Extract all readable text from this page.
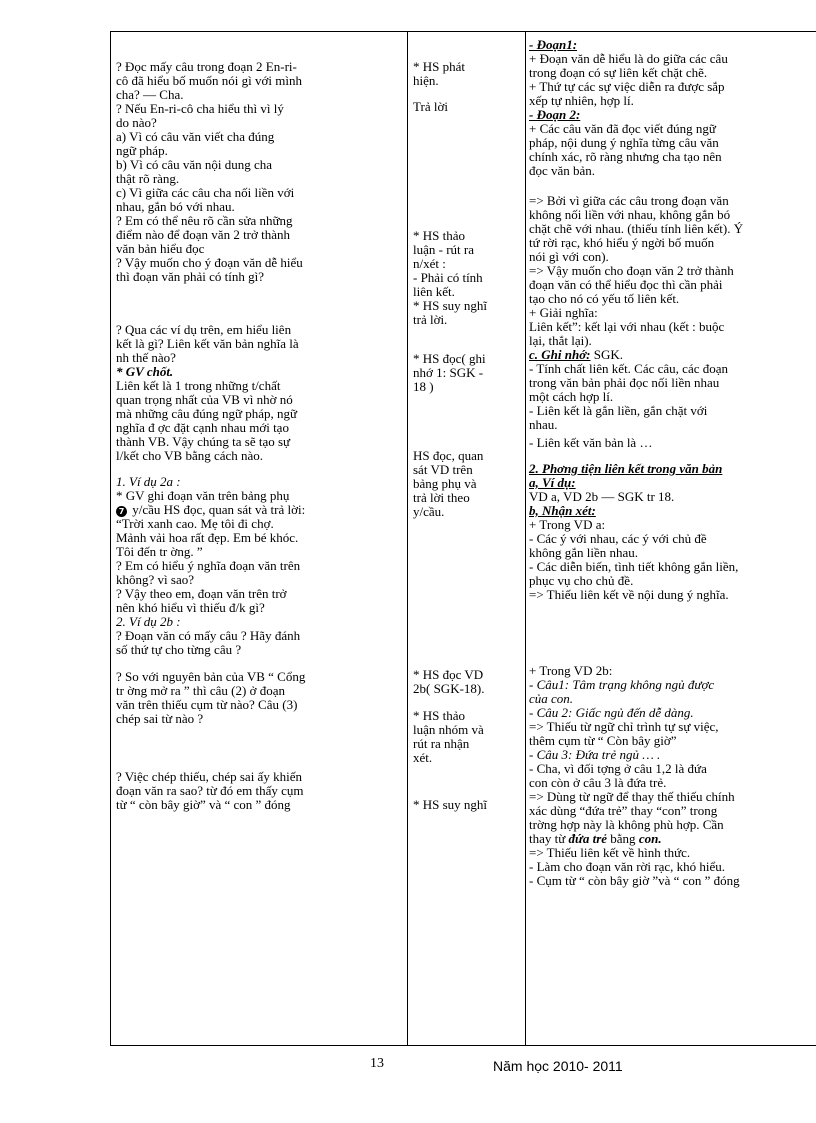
? Đọc mấy câu trong đoạn 2 En-ri-
cô đã hiểu bố muốn nói gì với mình
cha? — Cha.
? Nếu En-ri-cô cha hiểu thì vì lý
do nào?
a) Vì có câu văn viết cha đúng
ngữ pháp.
b) Vì có câu văn nội dung cha
thật rõ ràng.
c) Vì giữa các câu cha nối liền với
nhau, gắn bó với nhau.
? Em có thể nêu rõ cần sửa những
điểm nào để đoạn văn 2 trở thành
văn bản hiểu đọc
? Vậy muốn cho ý đoạn văn dễ hiểu
thì đoạn văn phải có tính gì?
? Qua các ví dụ trên, em hiểu liên
kết là gì? Liên kết văn bản nghĩa là
nh thế nào?
* GV chốt.
Liên kết là 1 trong những t/chất
quan trọng nhất của VB vì nhờ nó
mà những câu đúng ngữ pháp, ngữ
nghĩa đ ợc đặt cạnh nhau mới tạo
thành VB. Vậy chúng ta sẽ tạo sự
l/kết cho VB bằng cách nào.
1. Ví dụ 2a :
* GV ghi đoạn văn trên bảng phụ
7 y/cầu HS đọc, quan sát và trả lời:
“Trời xanh cao. Mẹ tôi đi chợ.
Mảnh vải hoa rất đẹp. Em bé khóc.
Tôi đến tr ờng. ”
? Em có hiểu ý nghĩa đoạn văn trên
không? vì sao?
? Vậy theo em, đoạn văn trên trở
nên khó hiểu vì thiếu đ/k gì?
2. Ví dụ 2b :
? Đoạn văn có mấy câu ? Hãy đánh
số thứ tự cho từng câu ?
? So với nguyên bản của VB “ Cổng
tr ờng mở ra ” thì câu (2) ở đoạn
văn trên thiếu cụm từ nào? Câu (3)
chép sai từ nào ?
? Việc chép thiếu, chép sai ấy khiến
đoạn văn ra sao? từ đó em thấy cụm
từ “ còn bây giờ” và “ con ” đóng

* HS phát
hiện.
Trả lời
* HS thảo
luận - rút ra
n/xét :
- Phải có tính
liên kết.
* HS suy nghĩ
trả lời.
* HS đọc( ghi
nhớ 1: SGK -
18 )
HS đọc, quan
sát VD trên
bảng phụ và
trả lời theo
y/cầu.
* HS đọc VD
2b( SGK-18).
* HS thảo
luận nhóm và
rút ra nhận
xét.
* HS suy nghĩ

- Đoạn1:
+ Đoạn văn dễ hiểu là do giữa các câu
trong đoạn có sự liên kết chặt chẽ.
+ Thứ tự các sự việc diễn ra được sắp
xếp tự nhiên, hợp lí.
- Đoạn 2:
+ Các câu văn đã đọc viết đúng ngữ
pháp, nội dung ý nghĩa từng câu văn
chính xác, rõ ràng nhưng cha tạo nên
đọc văn bản.
=> Bởi vì giữa các câu trong đoạn văn
không nối liền với nhau, không gắn bó
chặt chẽ với nhau. (thiếu tính liên kết). Ý
tứ rời rạc, khó hiểu ý ngời bố muốn
nói gì với con).
=> Vậy muốn cho đoạn văn 2 trở thành
đoạn văn có thể hiểu đọc thì cần phải
tạo cho nó có yếu tố liên kết.
+ Giải nghĩa:
Liên kết”: kết lại với nhau (kết : buộc
lại, thắt lại).
c. Ghi nhớ: SGK.
- Tính chất liên kết. Các câu, các đoạn
trong văn bản phải đọc nối liền nhau
một cách hợp lí.
- Liên kết là gắn liền, gắn chặt với
nhau.
- Liên kết văn bản là …
2. Phơng tiện liên kết trong văn bản
a, Ví dụ:
VD a, VD 2b — SGK tr 18.
b, Nhận xét:
+ Trong VD a:
- Các ý với nhau, các ý với chủ đề
không gắn liền nhau.
- Các diễn biến, tình tiết không gắn liền,
phục vụ cho chủ đề.
=> Thiếu liên kết về nội dung ý nghĩa.
+ Trong VD 2b:
- Câu1: Tâm trạng không ngủ được
của con.
- Câu 2: Giấc ngủ đến dễ dàng.
=> Thiếu từ ngữ chỉ trình tự sự việc,
thêm cụm từ “ Còn bây giờ”
- Câu 3: Đứa trẻ ngủ … .
- Cha, vì đối tợng ở câu 1,2 là đứa
con còn ở câu 3 là đứa trẻ.
=> Dùng từ ngữ để thay thế thiếu chính
xác dùng “đứa trẻ” thay “con” trong
trờng hợp này là không phù hợp. Cần
thay từ đứa trẻ bằng con.
=> Thiếu liên kết về hình thức.
- Làm cho đoạn văn rời rạc, khó hiểu.
- Cụm từ “ còn bây giờ ”và “ con ” đóng
13	Năm học 2010- 2011
